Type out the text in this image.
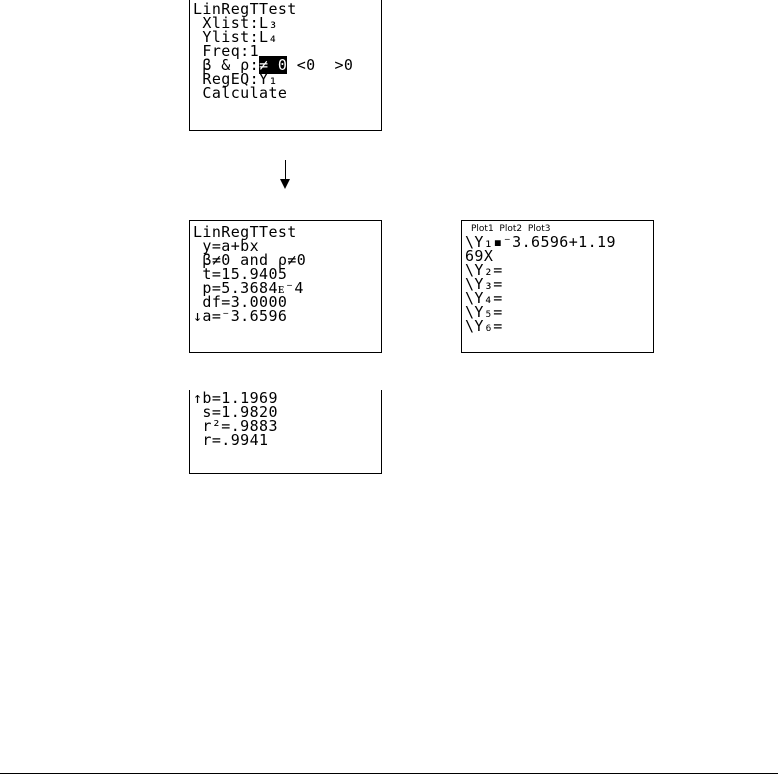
LinRegTTest
Xlist:L₃
Ylist:L₄
Freq:1
β & ρ:≠ 0 <0  >0
RegEQ:Y₁
Calculate
LinRegTTest
y=a+bx
β≠0 and ρ≠0
t=15.9405
p=5.3684ᴇ⁻4
df=3.0000
↓a=⁻3.6596
Plot1  Plot2  Plot3
\Y₁▪⁻3.6596+1.19
69X
\Y₂=
\Y₃=
\Y₄=
\Y₅=
\Y₆=
↑b=1.1969
s=1.9820
r²=.9883
r=.9941
